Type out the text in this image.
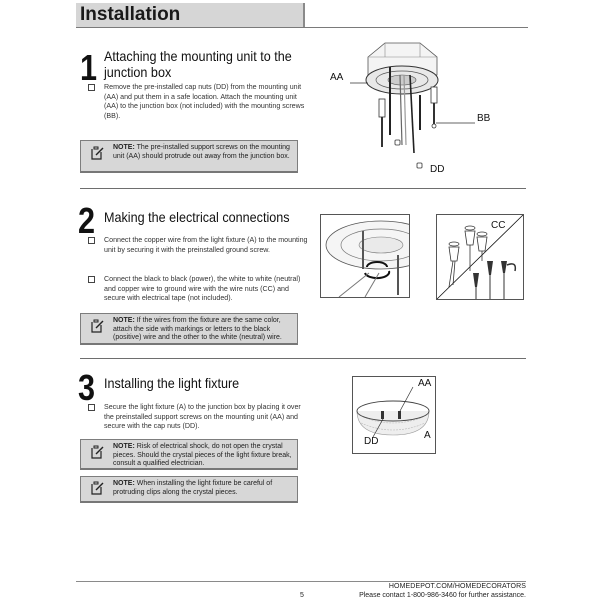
Installation
1 Attaching the mounting unit to the
junction box
Remove the pre-installed cap nuts (DD) from the mounting unit (AA) and put them in a safe location. Attach the mounting unit (AA) to the junction box (not included) with the mounting screws (BB).
NOTE: The pre-installed support screws on the mounting unit (AA) should protrude out away from the junction box.
AA
BB
DD
2 Making the electrical connections
Connect the copper wire from the light fixture (A) to the mounting unit by securing it with the preinstalled ground screw.
Connect the black to black (power), the white to white (neutral) and copper wire to ground wire with the wire nuts (CC) and secure with electrical tape (not included).
NOTE: If the wires from the fixture are the same color, attach the side with markings or letters to the black (positive) wire and the other to the white (neutral) wire.
CC
3 Installing the light fixture
Secure the light fixture (A) to the junction box by placing it over the preinstalled support screws on the mounting unit (AA) and secure with the cap nuts (DD).
NOTE: Risk of electrical shock, do not open the crystal pieces. Should the crystal pieces of the light fixture break, consult a qualified electrician.
NOTE: When installing the light fixture be careful of protruding clips along the crystal pieces.
AA
DD
A
HOMEDEPOT.COM/HOMEDECORATORS
5	Please contact 1-800-986-3460 for further assistance.
